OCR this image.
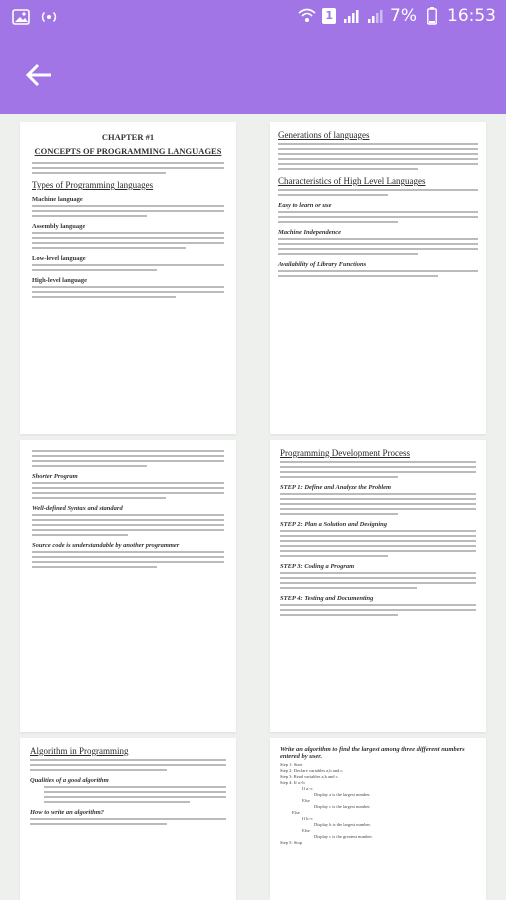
1	7% 16:53
CHAPTER #1
CONCEPTS OF PROGRAMMING LANGUAGES
Types of Programming languages
Machine language
Assembly language
Low-level language
High-level language
Generations of languages
Characteristics of High Level Languages
Easy to learn or use
Machine Independence
Availability of Library Functions
Shorter Program
Well-defined Syntax and standard
Source code is understandable by another programmer
Programming Development Process
STEP 1: Define and Analyze the Problem
STEP 2: Plan a Solution and Designing
STEP 3: Coding a Program
STEP 4: Testing and Documenting
Algorithm in Programming
Qualities of a good algorithm
How to write an algorithm?
Write an algorithm to find the largest among three different numbers entered by user.
Step 1: Start
Step 2: Declare variables a,b and c.
Step 3: Read variables a,b and c.
Step 4: If a>b
If a>c
Display a is the largest number.
Else
Display c is the largest number.
Else
If b>c
Display b is the largest number.
Else
Display c is the greatest number.
Step 5: Stop
